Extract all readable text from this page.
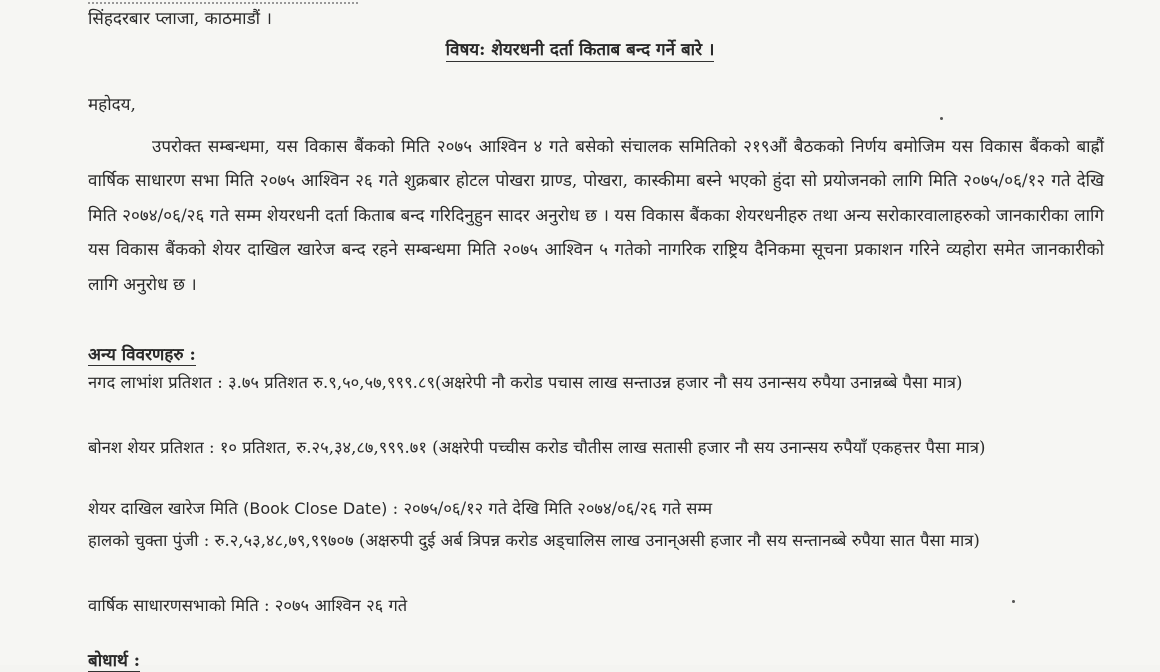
सिंहदरबार प्लाजा, काठमाडौं ।
विषय: शेयरधनी दर्ता किताब बन्द गर्ने बारे ।
महोदय,
उपरोक्त सम्बन्धमा, यस विकास बैंकको मिति २०७५ आश्विन ४ गते बसेको संचालक समितिको २१९औं बैठकको निर्णय बमोजिम यस विकास बैंकको बाह्रौं वार्षिक साधारण सभा मिति २०७५ आश्विन २६ गते शुक्रबार होटल पोखरा ग्राण्ड, पोखरा, कास्कीमा बस्ने भएको हुंदा सो प्रयोजनको लागि मिति २०७५/०६/१२ गते देखि मिति २०७४/०६/२६ गते सम्म शेयरधनी दर्ता किताब बन्द गरिदिनुहुन सादर अनुरोध छ । यस विकास बैंकका शेयरधनीहरु तथा अन्य सरोकारवालाहरुको जानकारीका लागि यस विकास बैंकको शेयर दाखिल खारेज बन्द रहने सम्बन्धमा मिति २०७५ आश्विन ५ गतेको नागरिक राष्ट्रिय दैनिकमा सूचना प्रकाशन गरिने व्यहोरा समेत जानकारीको लागि अनुरोध छ ।
अन्य विवरणहरु :
नगद लाभांश प्रतिशत : ३.७५ प्रतिशत रु.९,५०,५७,९९९.८९(अक्षरेपी नौ करोड पचास लाख सन्ताउन्न हजार नौ सय उनान्सय रुपैया उनान्नब्बे पैसा मात्र)
बोनश शेयर प्रतिशत : १० प्रतिशत, रु.२५,३४,८७,९९९.७१ (अक्षरेपी पच्चीस करोड चौतीस लाख सतासी हजार नौ सय उनान्सय रुपैयाँ एकहत्तर पैसा मात्र)
शेयर दाखिल खारेज मिति (Book Close Date) : २०७५/०६/१२ गते देखि मिति २०७४/०६/२६ गते सम्म
हालको चुक्ता पुंजी : रु.२,५३,४८,७९,९९७०७ (अक्षरुपी दुई अर्ब त्रिपन्न करोड अड्चालिस लाख उनान्असी हजार नौ सय सन्तानब्बे रुपैया सात पैसा मात्र)
वार्षिक साधारणसभाको मिति : २०७५ आश्विन २६ गते
बोधार्थ :
